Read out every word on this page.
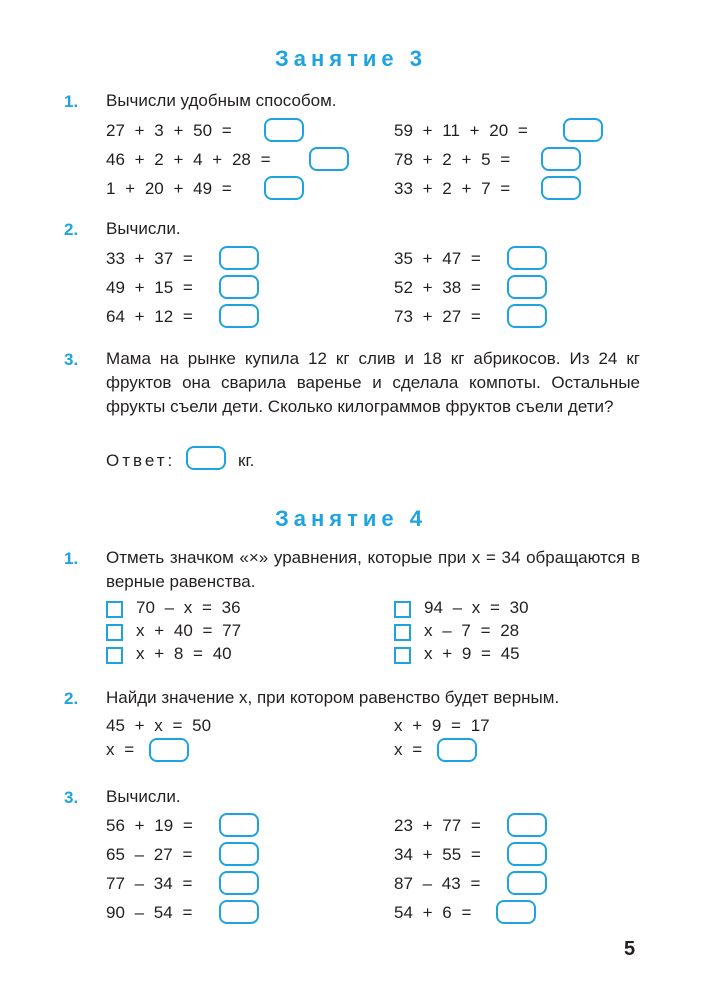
Занятие 3
1. Вычисли удобным способом.
27 + 3 + 50 =
46 + 2 + 4 + 28 =
1 + 20 + 49 =
59 + 11 + 20 =
78 + 2 + 5 =
33 + 2 + 7 =
2. Вычисли.
33 + 37 =
49 + 15 =
64 + 12 =
35 + 47 =
52 + 38 =
73 + 27 =
3. Мама на рынке купила 12 кг слив и 18 кг абрикосов. Из 24 кг фруктов она сварила варенье и сделала компоты. Остальные фрукты съели дети. Сколько килограммов фруктов съели дети?
Ответ:	кг.
Занятие 4
1. Отметь значком «×» уравнения, которые при x = 34 обращаются в верные равенства.
70 – x = 36
x + 40 = 77
x + 8 = 40
94 – x = 30
x – 7 = 28
x + 9 = 45
2. Найди значение x, при котором равенство будет верным.
45 + x = 50
x =
x + 9 = 17
x =
3. Вычисли.
56 + 19 =
65 – 27 =
77 – 34 =
90 – 54 =
23 + 77 =
34 + 55 =
87 – 43 =
54 + 6 =
5
